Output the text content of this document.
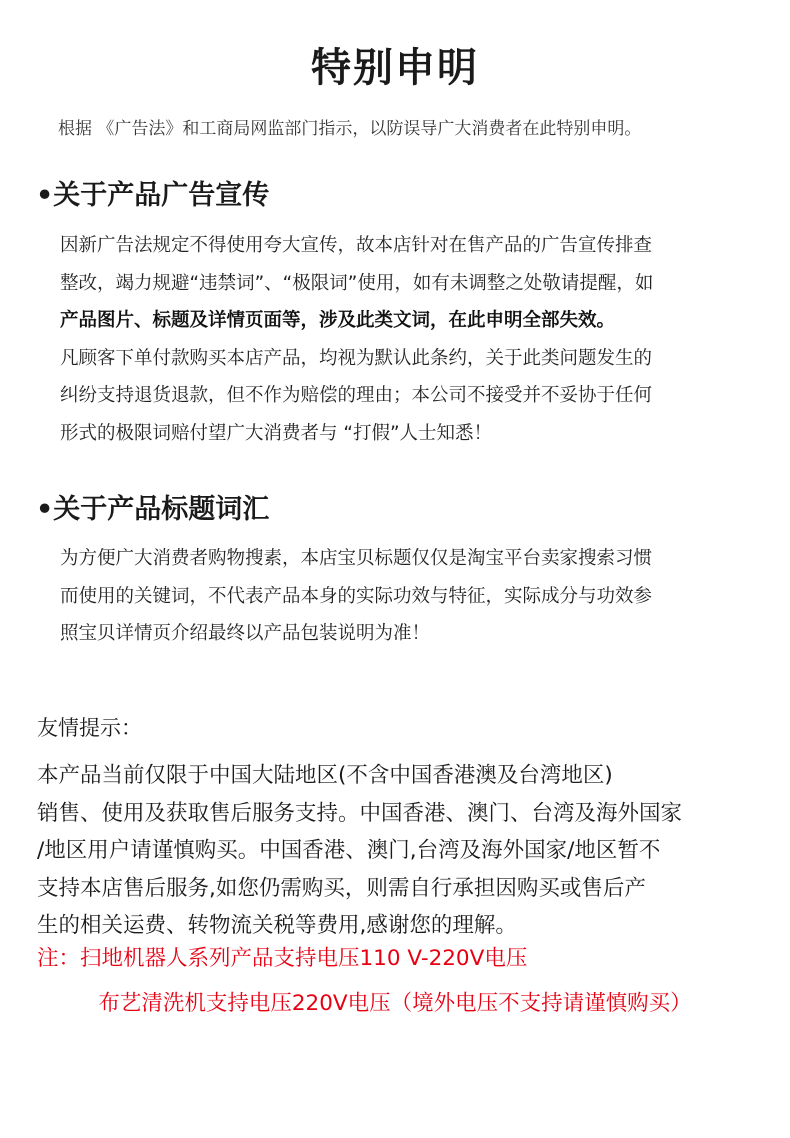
特别申明

根据 《广告法》和工商局网监部门指示，以防误导广大消费者在此特别申明。

•关于产品广告宣传
因新广告法规定不得使用夸大宣传，故本店针对在售产品的广告宣传排查
整改，竭力规避“违禁词”、“极限词”使用，如有未调整之处敬请提醒，如
产品图片、标题及详情页面等，涉及此类文词，在此申明全部失效。
凡顾客下单付款购买本店产品，均视为默认此条约，关于此类问题发生的
纠纷支持退货退款，但不作为赔偿的理由；本公司不接受并不妥协于任何
形式的极限词赔付望广大消费者与 “打假”人士知悉！
•关于产品标题词汇
为方便广大消费者购物搜素，本店宝贝标题仅仅是淘宝平台卖家搜索习惯
而使用的关键词，不代表产品本身的实际功效与特征，实际成分与功效参
照宝贝详情页介绍最终以产品包装说明为准！

友情提示：

本产品当前仅限于中国大陆地区(不含中国香港澳及台湾地区)
销售、使用及获取售后服务支持。中国香港、澳门、台湾及海外国家
/地区用户请谨慎购买。中国香港、澳门,台湾及海外国家/地区暂不
支持本店售后服务,如您仍需购买，则需自行承担因购买或售后产
生的相关运费、转物流关税等费用,感谢您的理解。

注：扫地机器人系列产品支持电压110 V-220V电压

布艺清洗机支持电压220V电压（境外电压不支持请谨慎购买）
